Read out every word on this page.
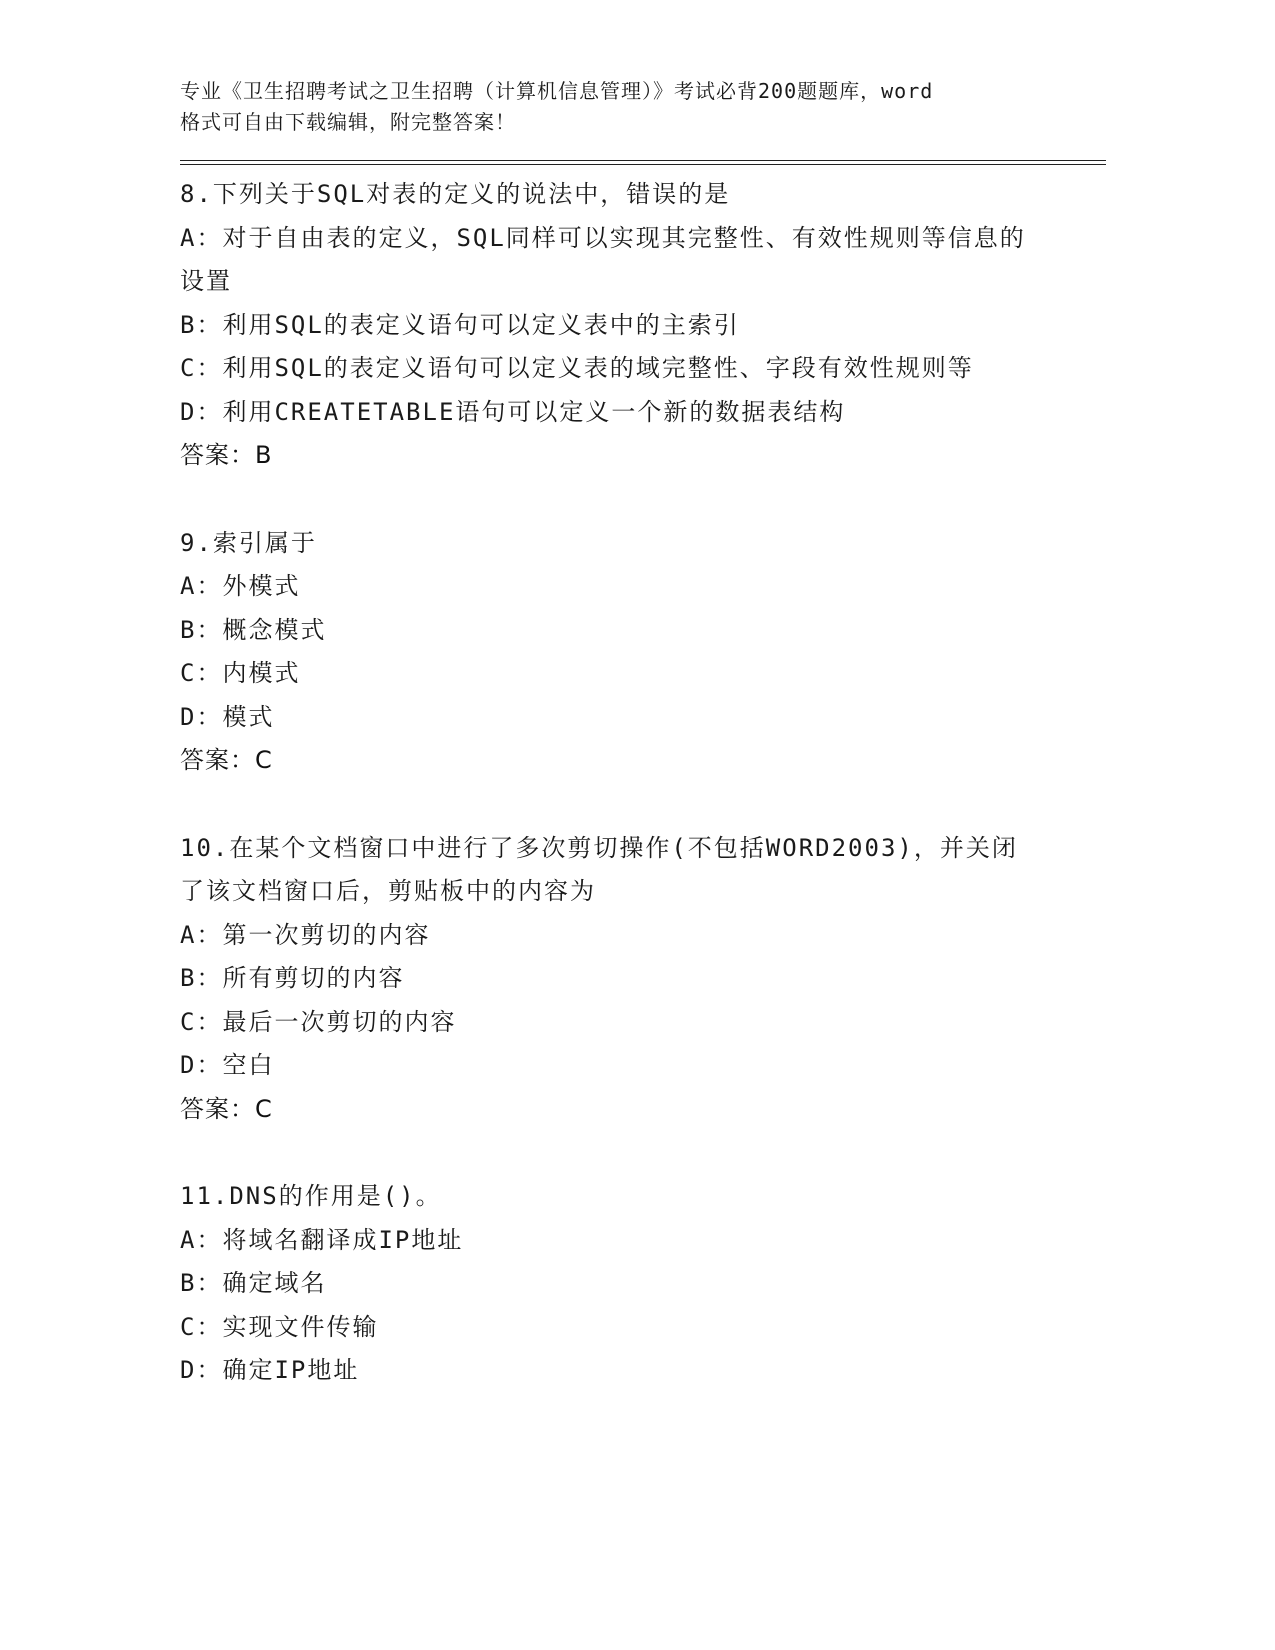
专业《卫生招聘考试之卫生招聘（计算机信息管理）》考试必背200题题库，word
格式可自由下载编辑，附完整答案！
8.下列关于SQL对表的定义的说法中，错误的是
A：对于自由表的定义，SQL同样可以实现其完整性、有效性规则等信息的设置
B：利用SQL的表定义语句可以定义表中的主索引
C：利用SQL的表定义语句可以定义表的域完整性、字段有效性规则等
D：利用CREATETABLE语句可以定义一个新的数据表结构
答案：B
9.索引属于
A：外模式
B：概念模式
C：内模式
D：模式
答案：C
10.在某个文档窗口中进行了多次剪切操作(不包括WORD2003)，并关闭了该文档窗口后，剪贴板中的内容为
A：第一次剪切的内容
B：所有剪切的内容
C：最后一次剪切的内容
D：空白
答案：C
11.DNS的作用是()。
A：将域名翻译成IP地址
B：确定域名
C：实现文件传输
D：确定IP地址
